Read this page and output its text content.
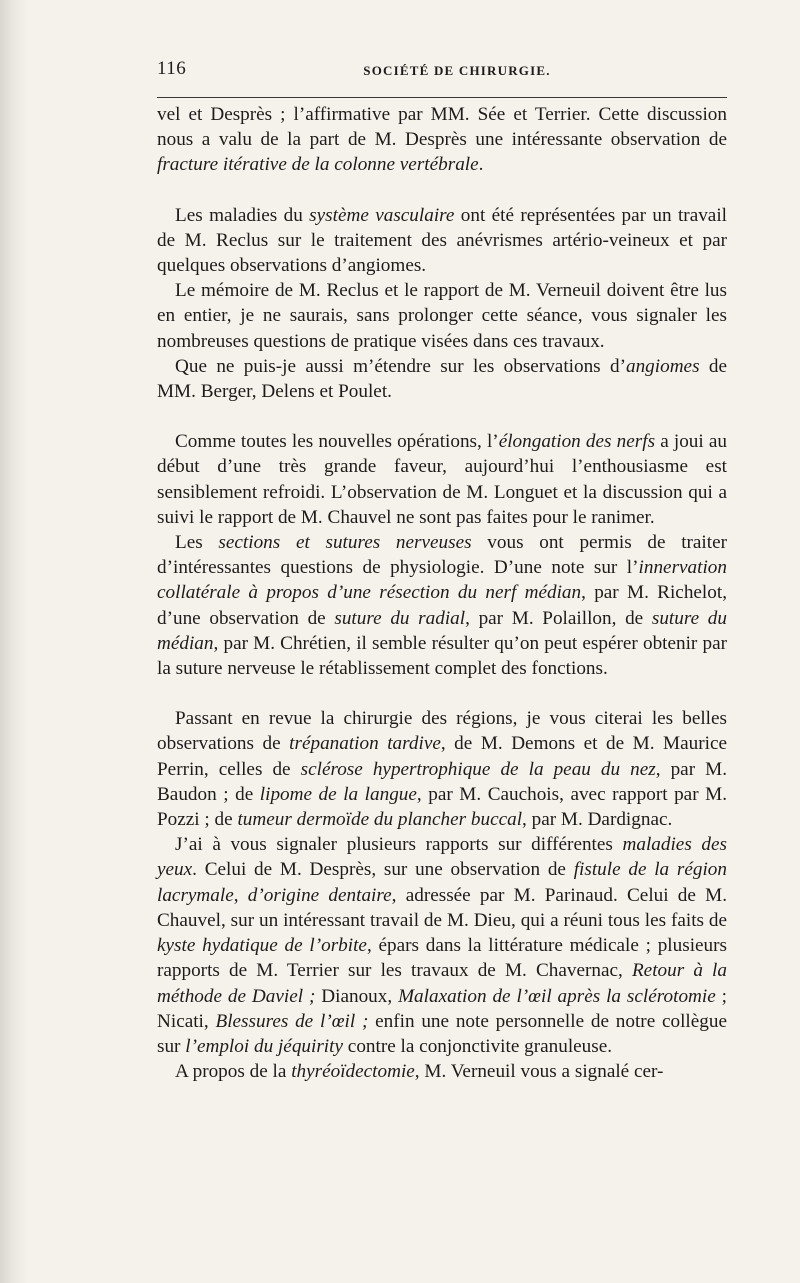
116	SOCIÉTÉ DE CHIRURGIE.

vel et Desprès ; l’affirmative par MM. Sée et Terrier. Cette discussion nous a valu de la part de M. Desprès une intéressante observation de fracture itérative de la colonne vertébrale.

Les maladies du système vasculaire ont été représentées par un travail de M. Reclus sur le traitement des anévrismes artério-veineux et par quelques observations d’angiomes.

Le mémoire de M. Reclus et le rapport de M. Verneuil doivent être lus en entier, je ne saurais, sans prolonger cette séance, vous signaler les nombreuses questions de pratique visées dans ces travaux.

Que ne puis-je aussi m’étendre sur les observations d’angiomes de MM. Berger, Delens et Poulet.

Comme toutes les nouvelles opérations, l’élongation des nerfs a joui au début d’une très grande faveur, aujourd’hui l’enthousiasme est sensiblement refroidi. L’observation de M. Longuet et la discussion qui a suivi le rapport de M. Chauvel ne sont pas faites pour le ranimer.

Les sections et sutures nerveuses vous ont permis de traiter d’intéressantes questions de physiologie. D’une note sur l’innervation collatérale à propos d’une résection du nerf médian, par M. Richelot, d’une observation de suture du radial, par M. Polaillon, de suture du médian, par M. Chrétien, il semble résulter qu’on peut espérer obtenir par la suture nerveuse le rétablissement complet des fonctions.

Passant en revue la chirurgie des régions, je vous citerai les belles observations de trépanation tardive, de M. Demons et de M. Maurice Perrin, celles de sclérose hypertrophique de la peau du nez, par M. Baudon ; de lipome de la langue, par M. Cauchois, avec rapport par M. Pozzi ; de tumeur dermoïde du plancher buccal, par M. Dardignac.

J’ai à vous signaler plusieurs rapports sur différentes maladies des yeux. Celui de M. Desprès, sur une observation de fistule de la région lacrymale, d’origine dentaire, adressée par M. Parinaud. Celui de M. Chauvel, sur un intéressant travail de M. Dieu, qui a réuni tous les faits de kyste hydatique de l’orbite, épars dans la littérature médicale ; plusieurs rapports de M. Terrier sur les travaux de M. Chavernac, Retour à la méthode de Daviel ; Dianoux, Malaxation de l’œil après la sclérotomie ; Nicati, Blessures de l’œil ; enfin une note personnelle de notre collègue sur l’emploi du jéquirity contre la conjonctivite granuleuse.

A propos de la thyréoïdectomie, M. Verneuil vous a signalé cer-
